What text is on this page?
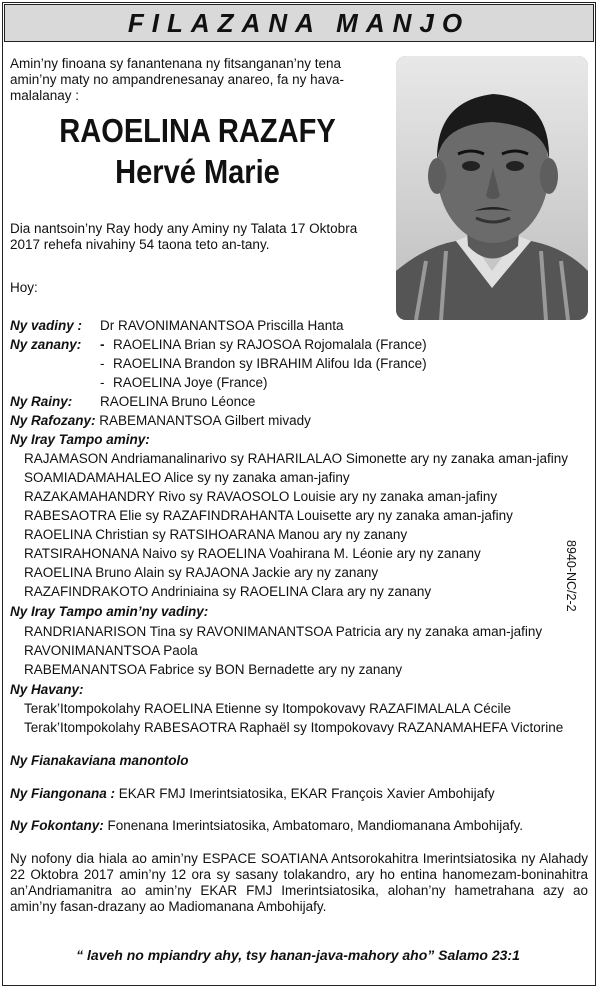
FILAZANA MANJO
Amin’ny finoana sy fanantenana ny fitsanganan’ny tena amin’ny maty no ampandrenesanay anareo, fa ny hava-malalanay :
RAOELINA RAZAFY
Hervé Marie
Dia nantsoin’ny Ray hody any Aminy ny Talata 17 Oktobra 2017 rehefa nivahiny 54 taona teto an-tany.
Hoy:
Ny vadiny : Dr RAVONIMANANTSOA Priscilla Hanta
Ny zanany: - RAOELINA Brian sy RAJOSOA Rojomalala (France)
- RAOELINA Brandon sy IBRAHIM Alifou Ida (France)
- RAOELINA Joye (France)
Ny Rainy: RAOELINA Bruno Léonce
Ny Rafozany: RABEMANANTSOA Gilbert mivady
Ny Iray Tampo aminy:
RAJAMASON Andriamanalinarivo sy RAHARILALAO Simonette ary ny zanaka aman-jafiny
SOAMIADAMAHALEO Alice sy ny zanaka aman-jafiny
RAZAKAMAHANDRY Rivo sy RAVAOSOLO Louisie ary ny zanaka aman-jafiny
RABESAOTRA Elie sy RAZAFINDRAHANTA Louisette ary ny zanaka aman-jafiny
RAOELINA Christian sy RATSIHOARANA Manou ary ny zanany
RATSIRAHONANA Naivo sy RAOELINA Voahirana M. Léonie ary ny zanany
RAOELINA Bruno Alain sy RAJAONA Jackie ary ny zanany
RAZAFINDRAKOTO Andriniaina sy RAOELINA Clara ary ny zanany
Ny Iray Tampo amin’ny vadiny:
RANDRIANARISON Tina sy RAVONIMANANTSOA Patricia ary ny zanaka aman-jafiny
RAVONIMANANTSOA Paola
RABEMANANTSOA Fabrice sy BON Bernadette ary ny zanany
Ny Havany:
Terak’Itompokolahy RAOELINA Etienne sy Itompokovavy RAZAFIMALALA Cécile
Terak’Itompokolahy RABESAOTRA Raphaël sy Itompokovavy RAZANAMAHEFA Victorine
Ny Fianakaviana manontolo
Ny Fiangonana : EKAR FMJ Imerintsiatosika, EKAR François Xavier Ambohijafy
Ny Fokontany: Fonenana Imerintsiatosika, Ambatomaro, Mandiomanana Ambohijafy.
Ny nofony dia hiala ao amin’ny ESPACE SOATIANA Antsorokahitra Imerintsiatosika ny Alahady 22 Oktobra 2017 amin’ny 12 ora sy sasany tolakandro, ary ho entina hanomezam-boninahitra an’Andriamanitra ao amin’ny EKAR FMJ Imerintsiatosika, alohan’ny hametrahana azy ao amin’ny fasan-drazany ao Madiomanana Ambohijafy.
“ laveh no mpiandry ahy, tsy hanan-java-mahory aho” Salamo 23:1
8940-NC/2-2
